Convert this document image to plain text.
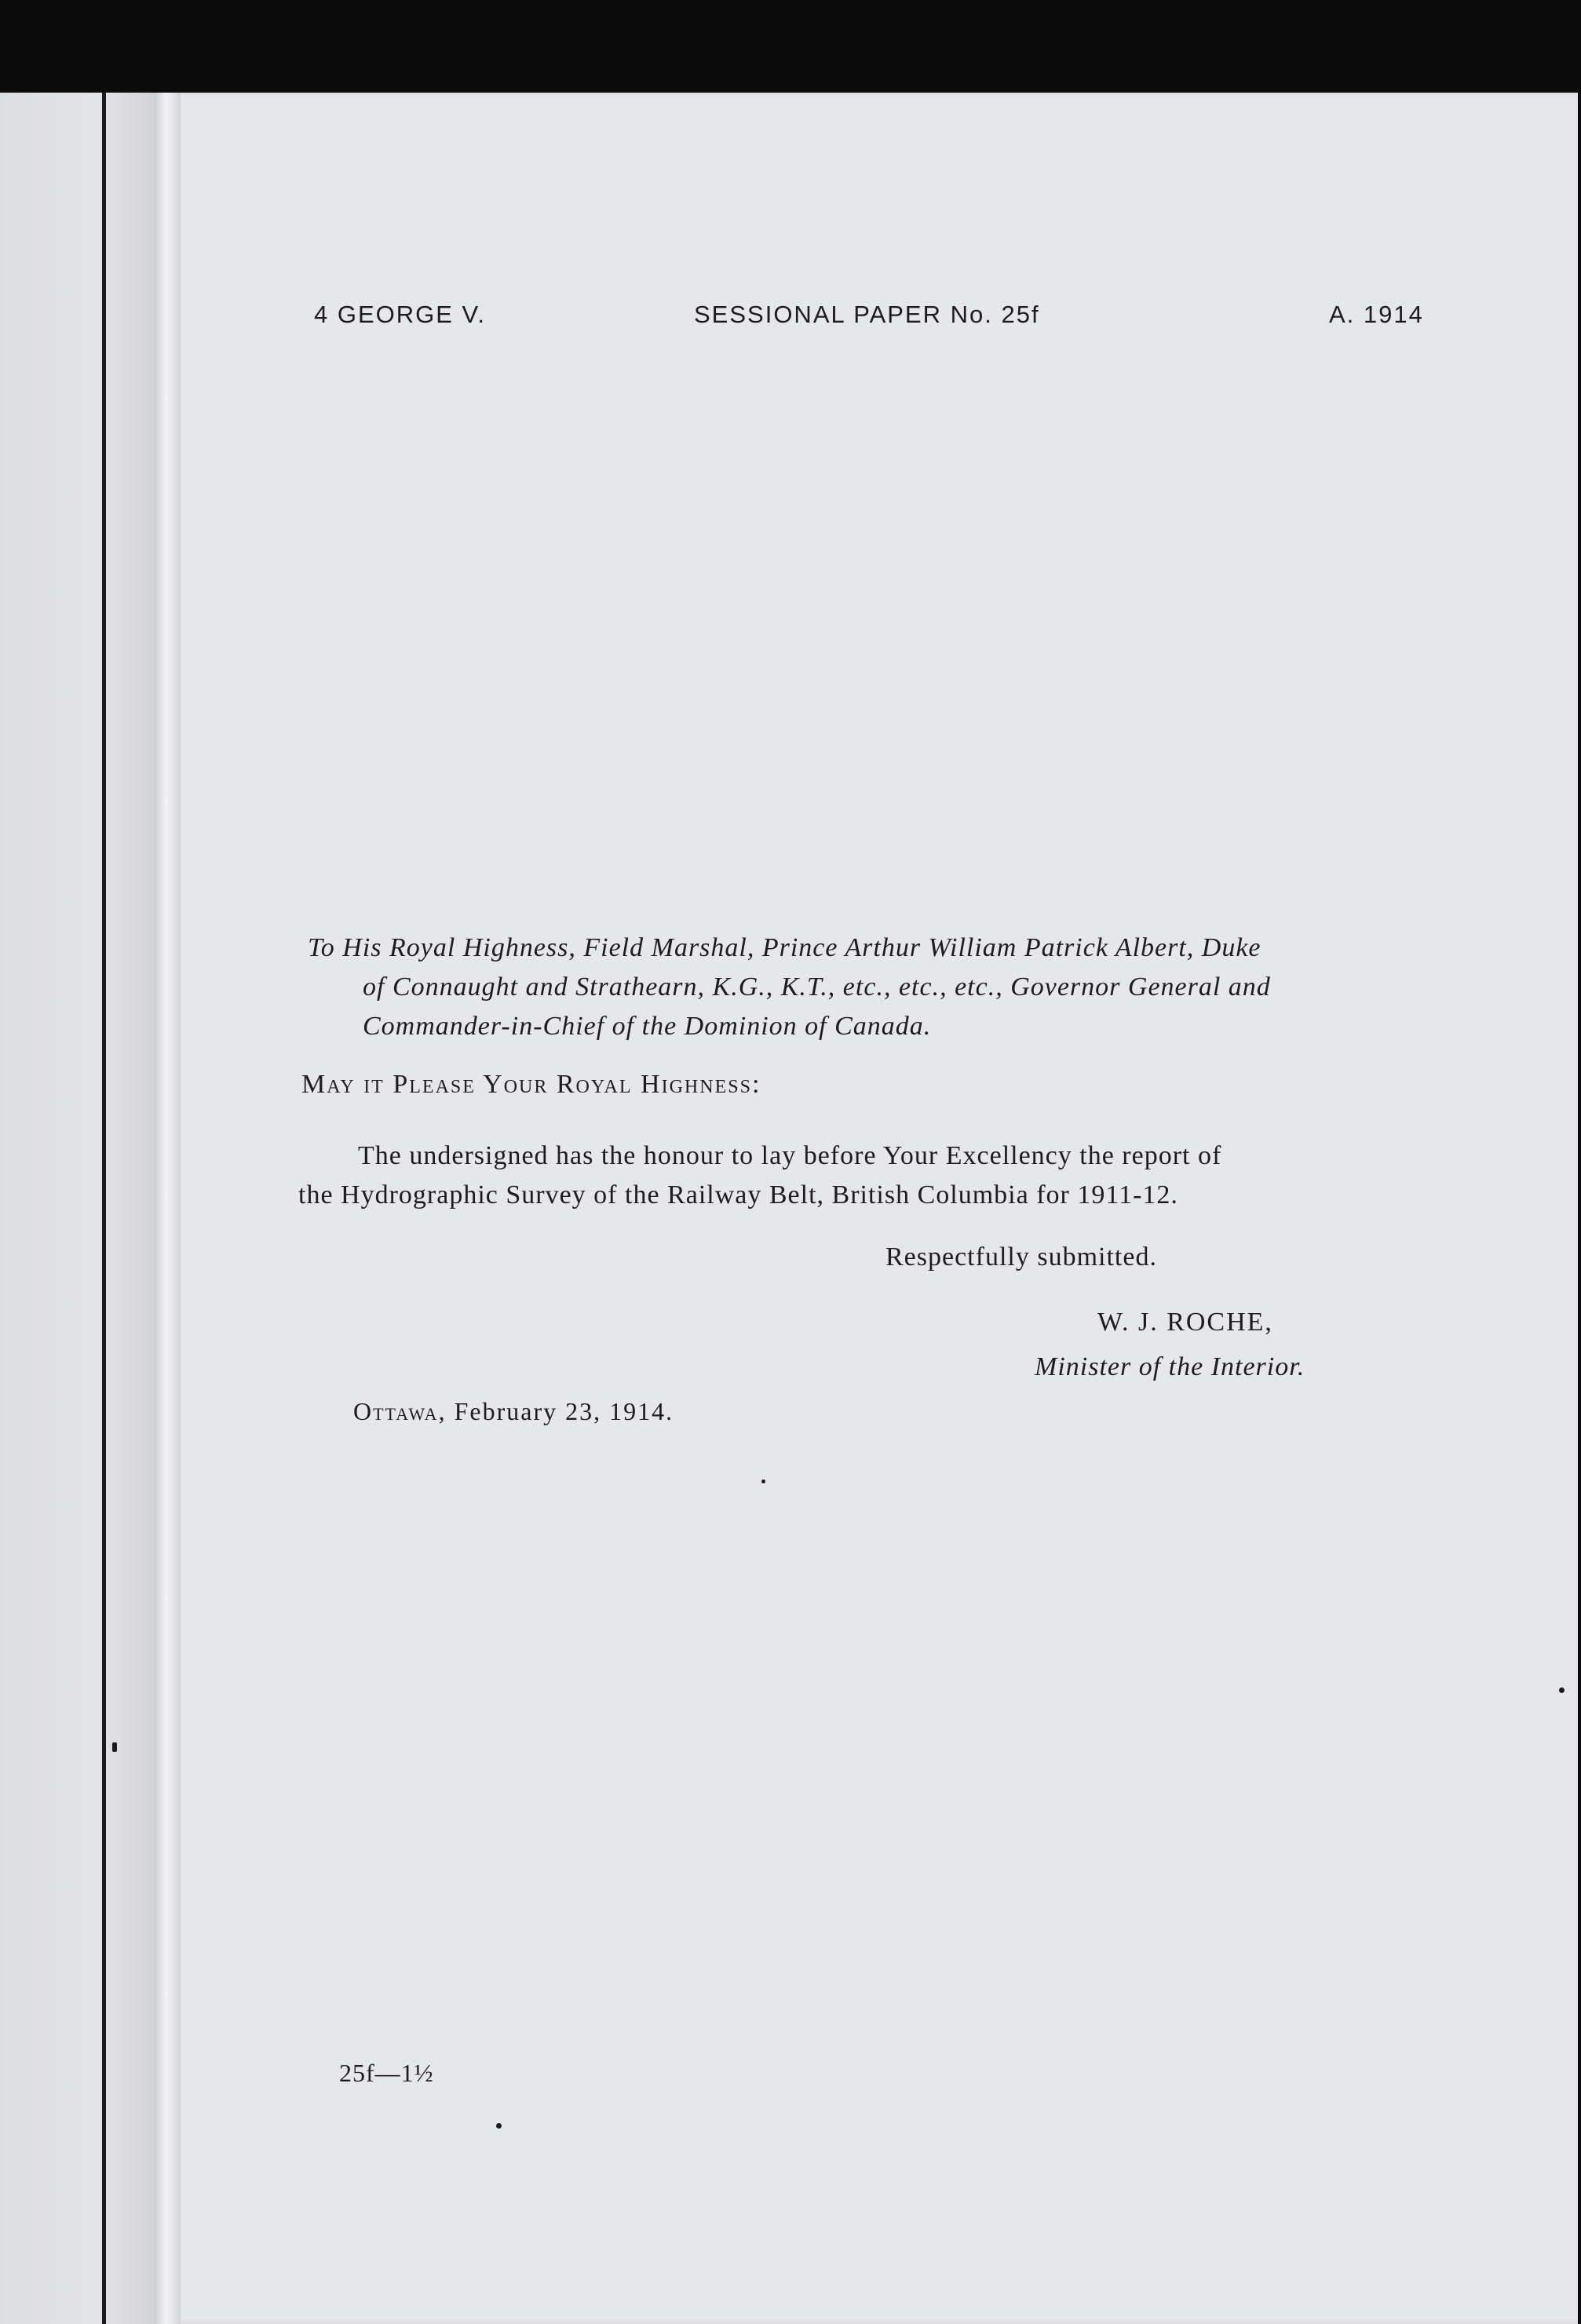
4 GEORGE V.	SESSIONAL PAPER No. 25f	A. 1914
To His Royal Highness, Field Marshal, Prince Arthur William Patrick Albert, Duke
of Connaught and Strathearn, K.G., K.T., etc., etc., etc., Governor General and
Commander-in-Chief of the Dominion of Canada.
May it Please Your Royal Highness:
The undersigned has the honour to lay before Your Excellency the report of
the Hydrographic Survey of the Railway Belt, British Columbia for 1911-12.
Respectfully submitted.
W. J. ROCHE,
Minister of the Interior.
Ottawa, February 23, 1914.
25f—1½
